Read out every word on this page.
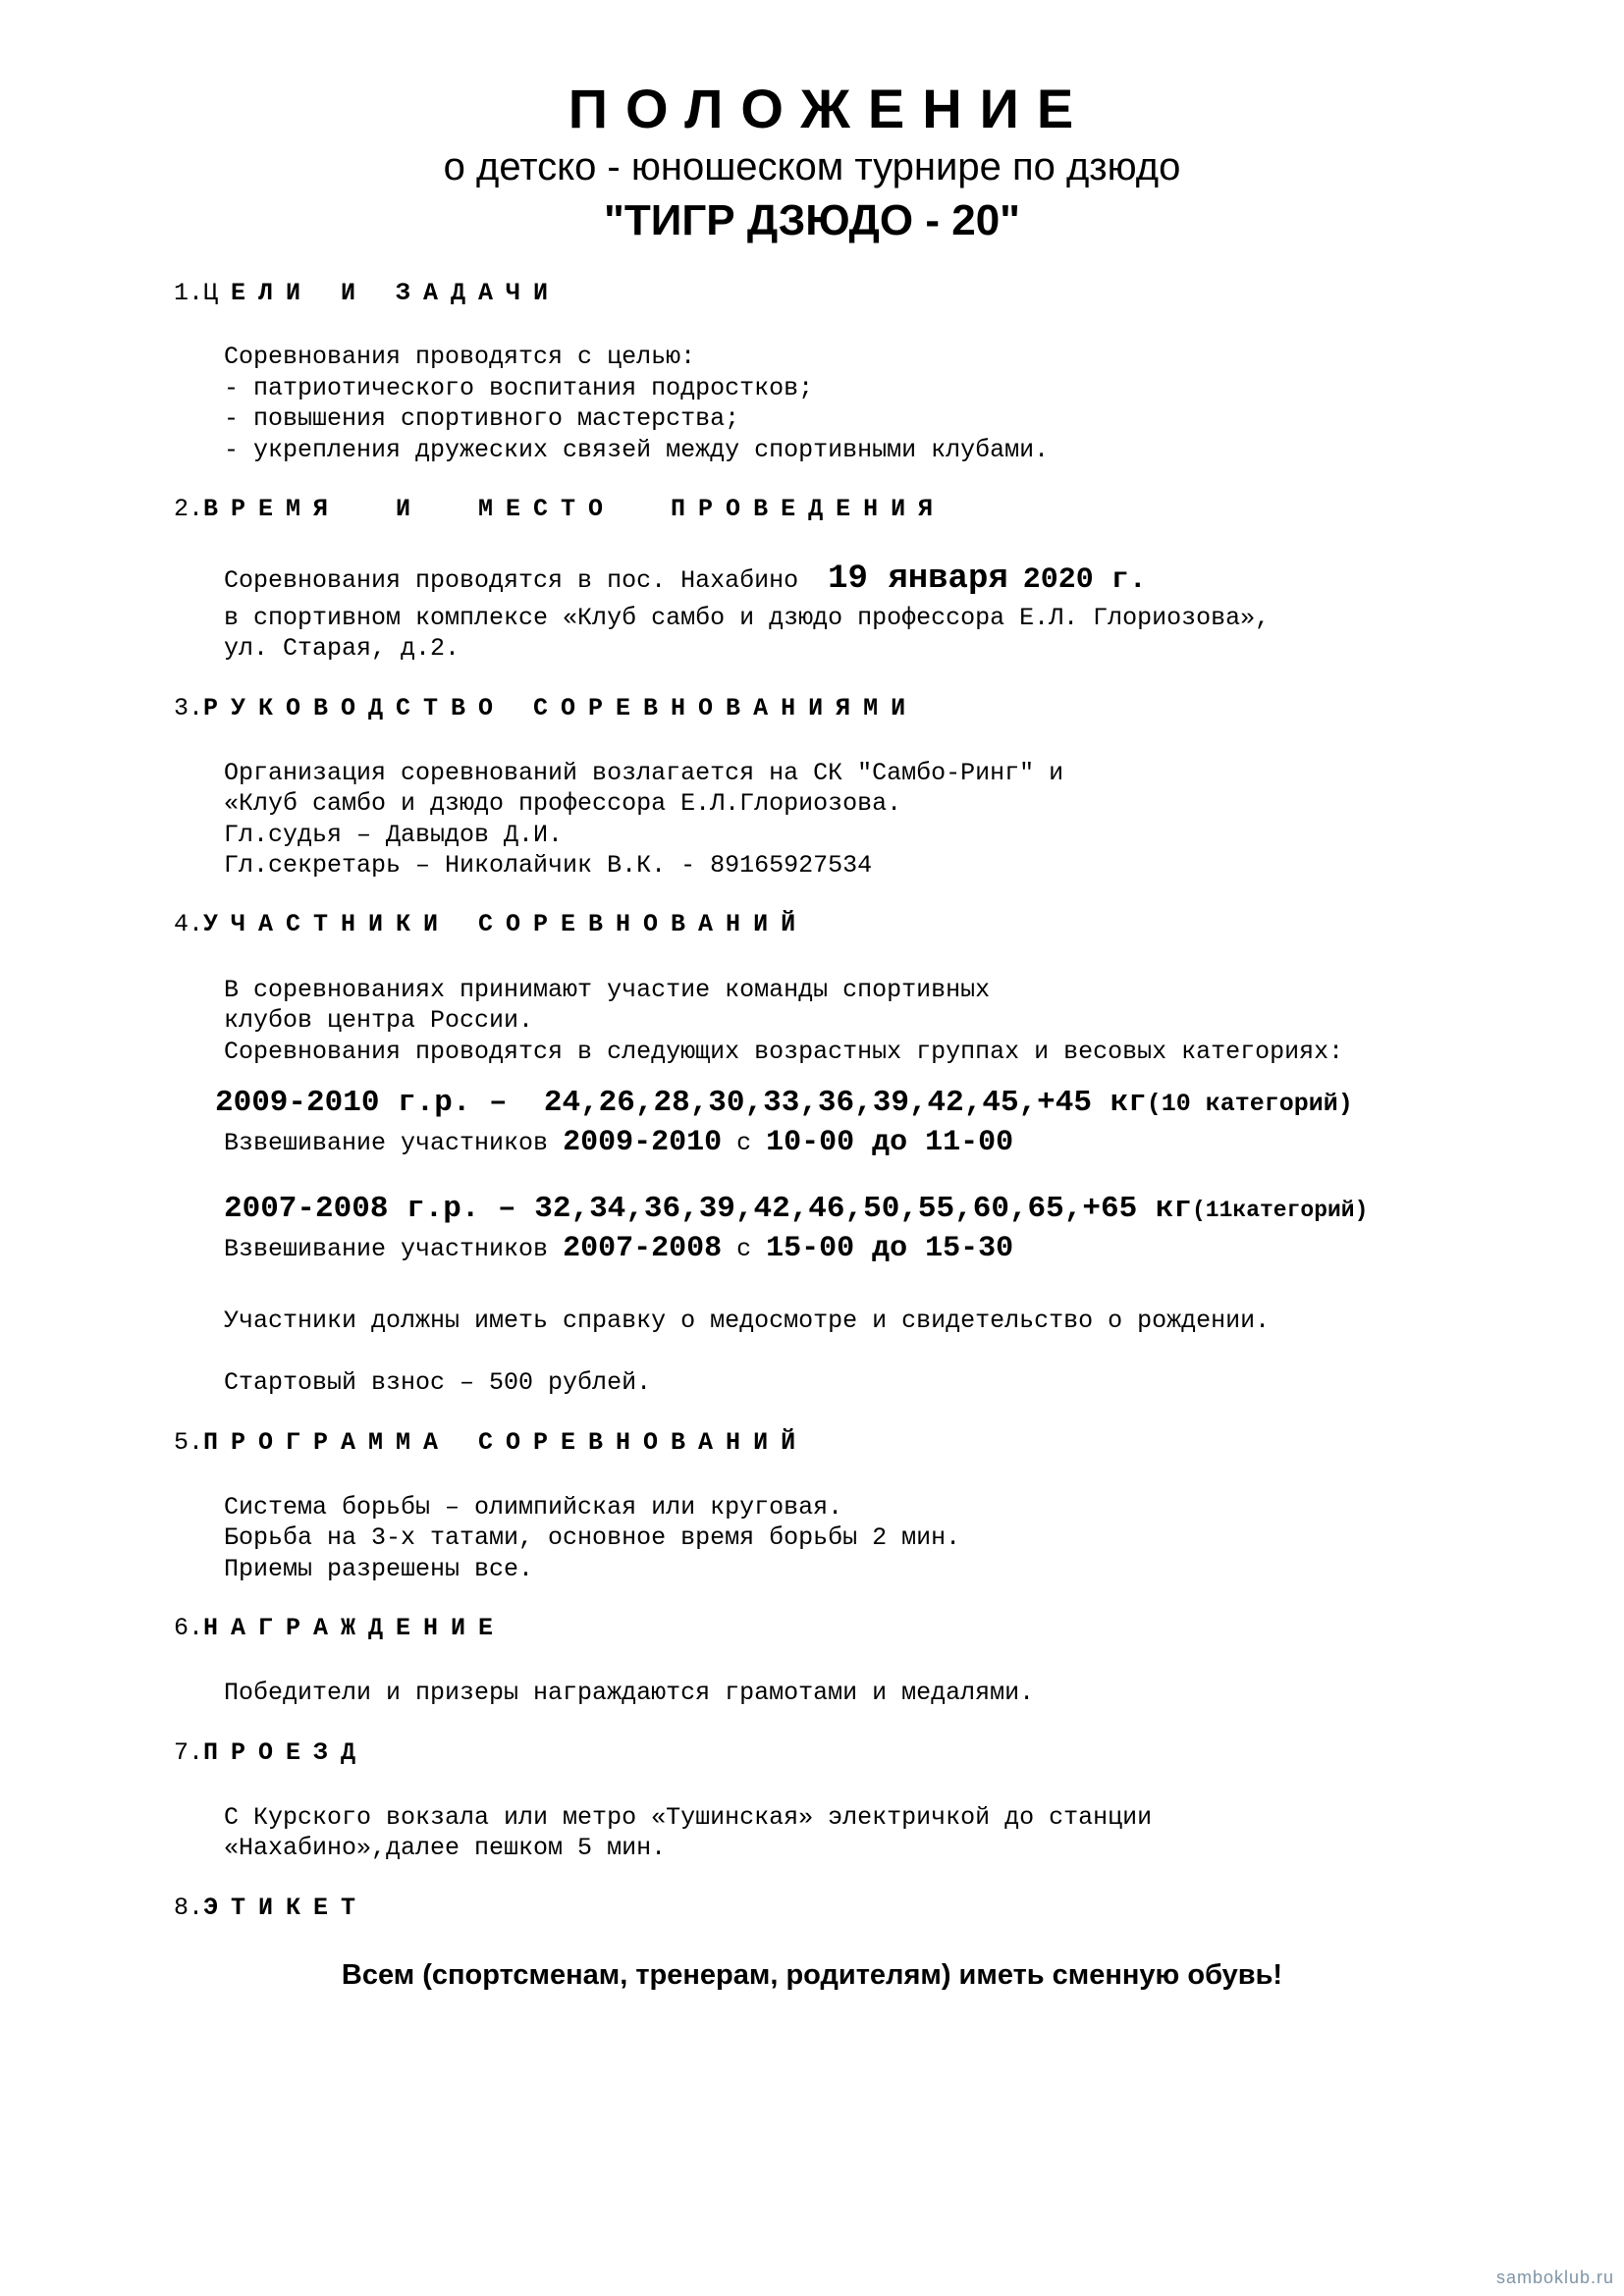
ПОЛОЖЕНИЕ
о детско - юношеском турнире по дзюдо
"ТИГР ДЗЮДО - 20"
1.Ц ЕЛИ И ЗАДАЧИ
Соревнования проводятся с целью:
- патриотического воспитания подростков;
- повышения спортивного мастерства;
- укрепления дружеских связей между спортивными клубами.
2.ВРЕМЯ  И  МЕСТО  ПРОВЕДЕНИЯ
Соревнования проводятся в пос. Нахабино  19 января 2020 г.
в спортивном комплексе «Клуб самбо и дзюдо профессора Е.Л. Глориозова»,
ул. Старая, д.2.
3.РУКОВОДСТВО СОРЕВНОВАНИЯМИ
Организация соревнований возлагается на СК "Самбо-Ринг" и
«Клуб самбо и дзюдо профессора Е.Л.Глориозова.
Гл.судья – Давыдов Д.И.
Гл.секретарь – Николайчик В.К. - 89165927534
4.УЧАСТНИКИ СОРЕВНОВАНИЙ
В соревнованиях принимают участие команды спортивных
клубов центра России.
Соревнования проводятся в следующих возрастных группах и весовых категориях:
2009-2010 г.р. – 24,26,28,30,33,36,39,42,45,+45 кг(10 категорий)
Взвешивание участников 2009-2010 с 10-00 до 11-00
2007-2008 г.р. – 32,34,36,39,42,46,50,55,60,65,+65 кг(11категорий)
Взвешивание участников 2007-2008 с 15-00 до 15-30
Участники должны иметь справку о медосмотре и свидетельство о рождении.
Стартовый взнос – 500 рублей.
5.ПРОГРАММА СОРЕВНОВАНИЙ
Система борьбы – олимпийская или круговая.
Борьба на 3-х татами, основное время борьбы 2 мин.
Приемы разрешены все.
6.НАГРАЖДЕНИЕ
Победители и призеры награждаются грамотами и медалями.
7.ПРОЕЗД
С Курского вокзала или метро «Тушинская» электричкой до станции
«Нахабино»,далее пешком 5 мин.
8.ЭТИКЕТ
Всем (спортсменам, тренерам, родителям) иметь сменную обувь!
samboklub.ru
